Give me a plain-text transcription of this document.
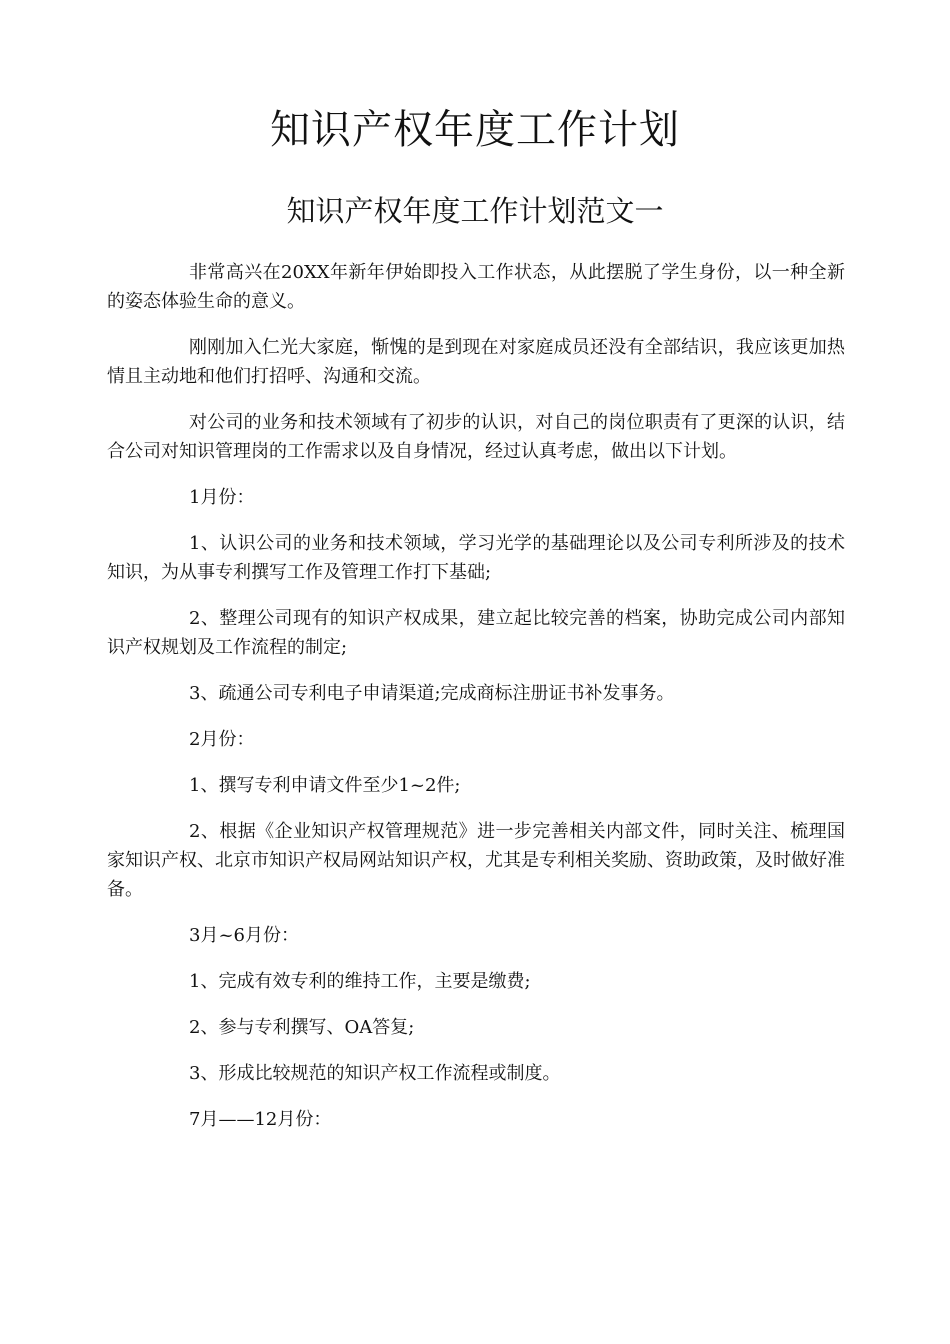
知识产权年度工作计划
知识产权年度工作计划范文一

非常高兴在20XX年新年伊始即投入工作状态，从此摆脱了学生身份，以一种全新的姿态体验生命的意义。

刚刚加入仁光大家庭，惭愧的是到现在对家庭成员还没有全部结识，我应该更加热情且主动地和他们打招呼、沟通和交流。

对公司的业务和技术领域有了初步的认识，对自己的岗位职责有了更深的认识，结合公司对知识管理岗的工作需求以及自身情况，经过认真考虑，做出以下计划。

1月份：

1、认识公司的业务和技术领域，学习光学的基础理论以及公司专利所涉及的技术知识，为从事专利撰写工作及管理工作打下基础;

2、整理公司现有的知识产权成果，建立起比较完善的档案，协助完成公司内部知识产权规划及工作流程的制定;

3、疏通公司专利电子申请渠道;完成商标注册证书补发事务。

2月份：

1、撰写专利申请文件至少1~2件;

2、根据《企业知识产权管理规范》进一步完善相关内部文件，同时关注、梳理国家知识产权、北京市知识产权局网站知识产权，尤其是专利相关奖励、资助政策，及时做好准备。

3月~6月份：

1、完成有效专利的维持工作，主要是缴费;

2、参与专利撰写、OA答复;

3、形成比较规范的知识产权工作流程或制度。

7月——12月份：
